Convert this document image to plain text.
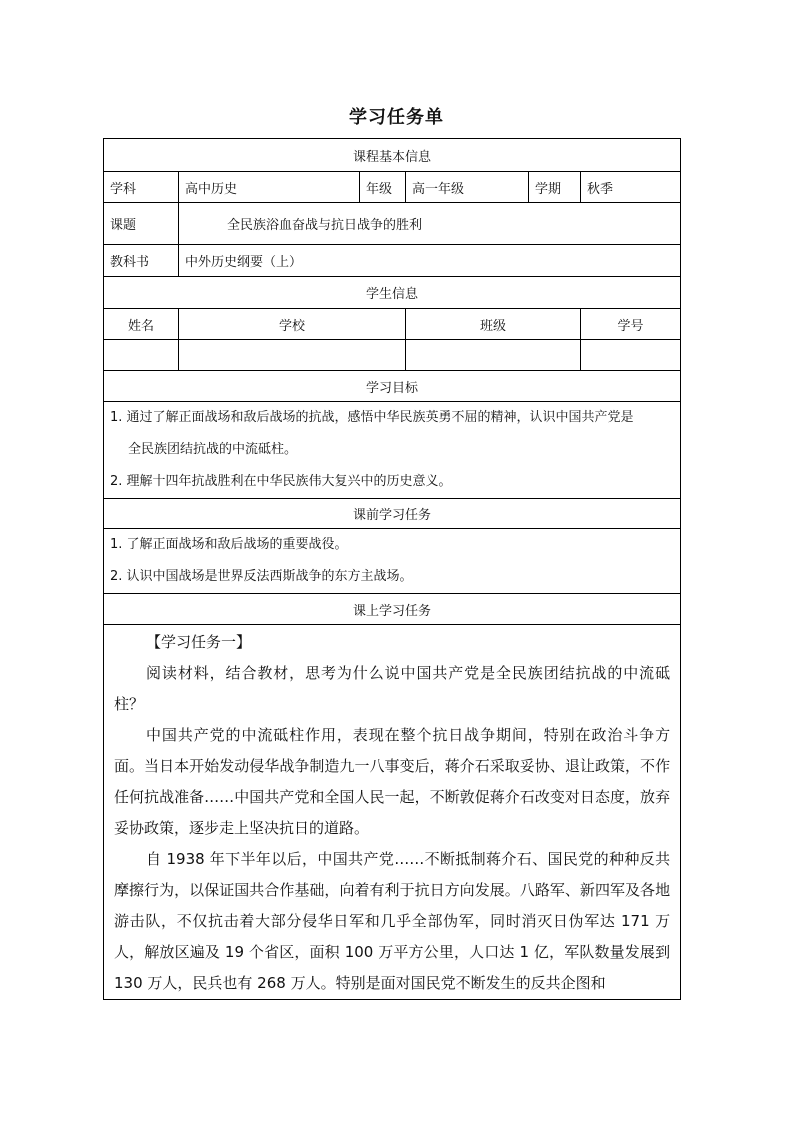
学习任务单
课程基本信息					
学科	高中历史	年级	高一年级	学期	秋季
课题	全民族浴血奋战与抗日战争的胜利				
教科书	中外历史纲要（上）				
学生信息					
姓名	学校		班级		学号

学习目标					

1. 通过了解正面战场和敌后战场的抗战，感悟中华民族英勇不屈的精神，认识中国共产党是

全民族团结抗战的中流砥柱。

2. 理解十四年抗战胜利在中华民族伟大复兴中的历史意义。					

课前学习任务					

1. 了解正面战场和敌后战场的重要战役。

2. 认识中国战场是世界反法西斯战争的东方主战场。					

课上学习任务					

【学习任务一】

阅读材料，结合教材，思考为什么说中国共产党是全民族团结抗战的中流砥柱？

中国共产党的中流砥柱作用，表现在整个抗日战争期间，特别在政治斗争方面。当日本开始发动侵华战争制造九一八事变后，蒋介石采取妥协、退让政策，不作任何抗战准备……中国共产党和全国人民一起，不断敦促蒋介石改变对日态度，放弃妥协政策，逐步走上坚决抗日的道路。

自 1938 年下半年以后，中国共产党……不断抵制蒋介石、国民党的种种反共摩擦行为，以保证国共合作基础，向着有利于抗日方向发展。八路军、新四军及各地游击队，不仅抗击着大部分侵华日军和几乎全部伪军，同时消灭日伪军达 171 万人，解放区遍及 19 个省区，面积 100 万平方公里，人口达 1 亿，军队数量发展到 130 万人，民兵也有 268 万人。特别是面对国民党不断发生的反共企图和					
